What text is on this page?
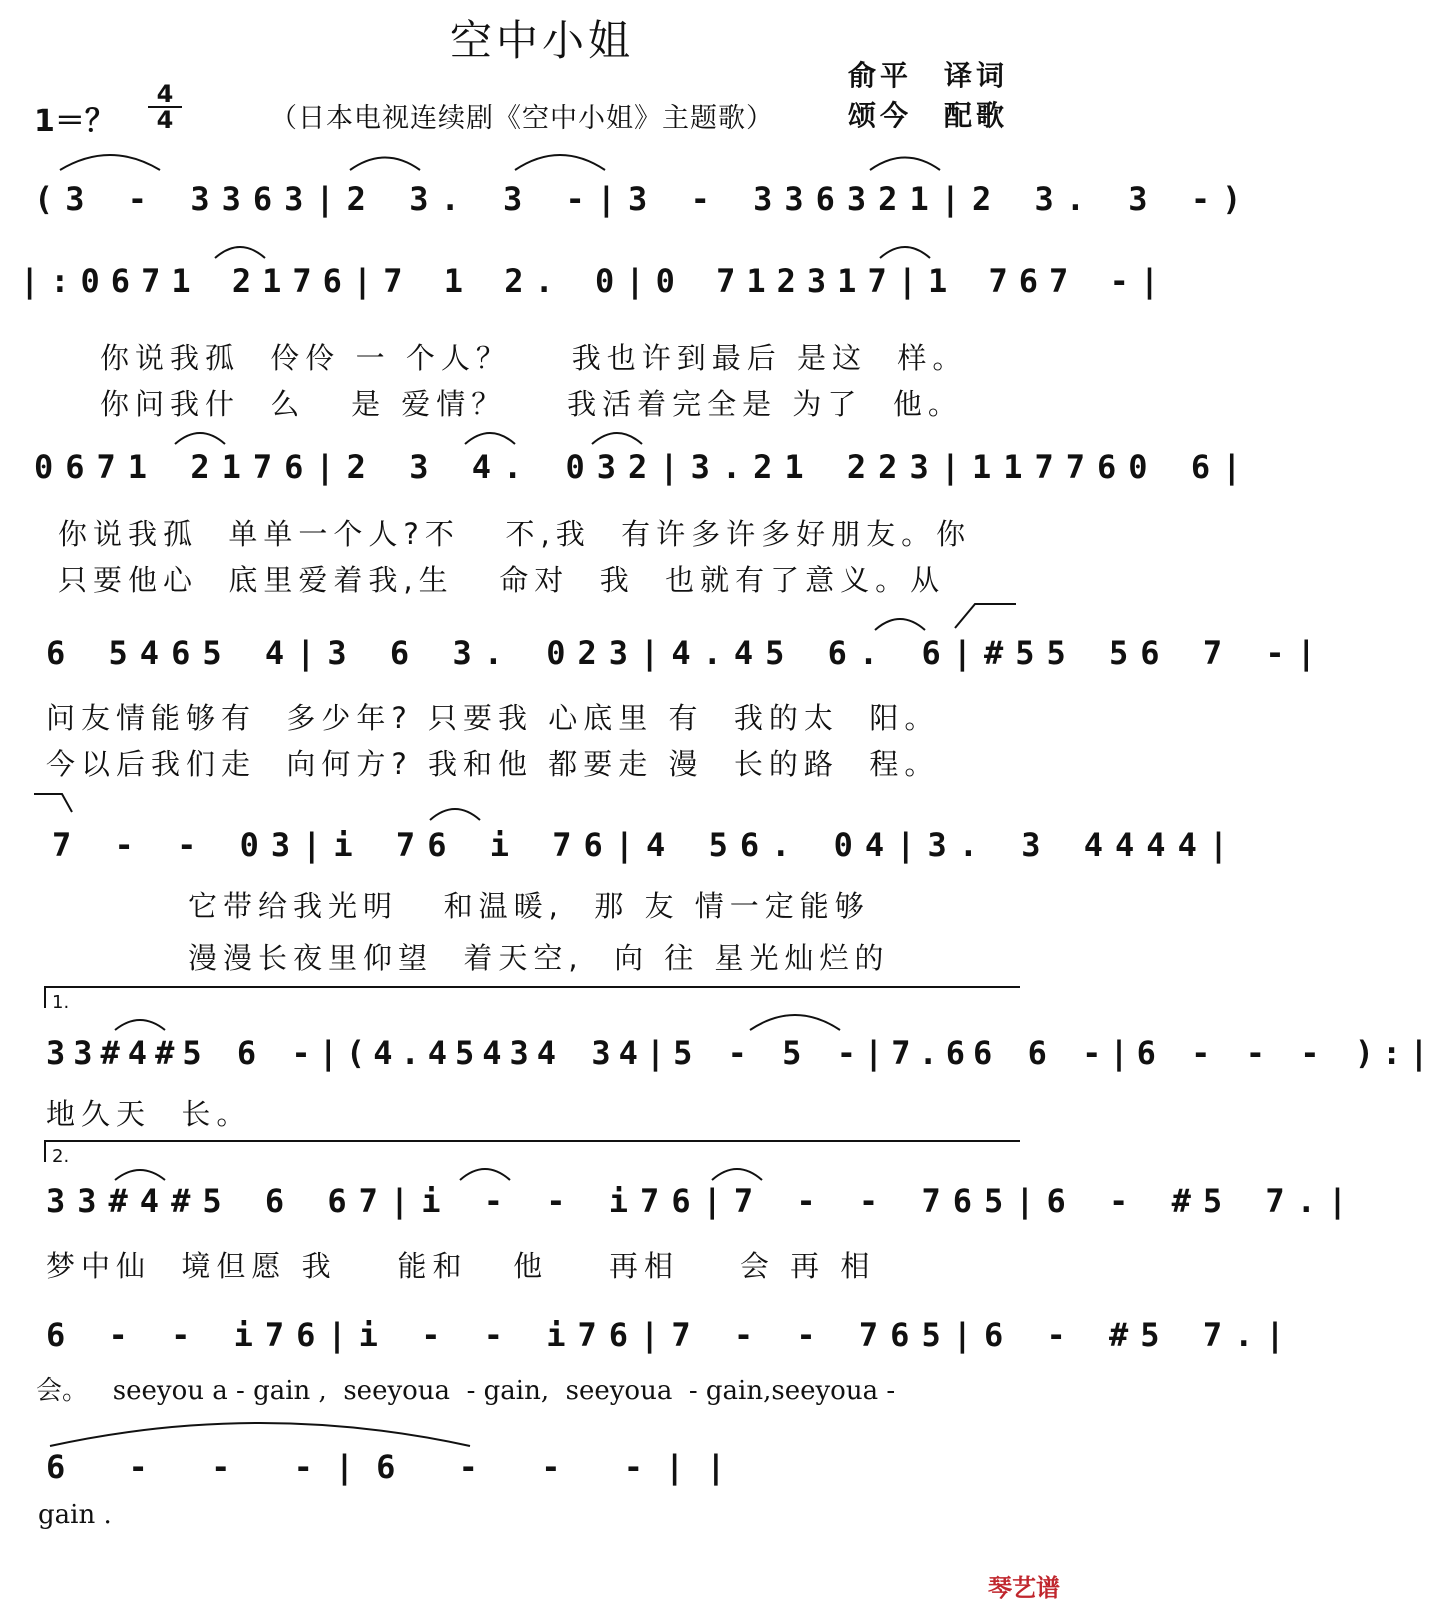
空中小姐
俞平　译词
颂今　配歌
1＝？
4
4	（日本电视连续剧《空中小姐》主题歌）
(3 - 3363|2 3. 3 -|3 - 336321|2 3. 3 -)
|:0671 2176|7 1 2. 0|0 712317|1 767 -|
你说我孤  伶伶 一 个人？    我也许到最后 是这  样。
你问我什  么   是 爱情？    我活着完全是 为了  他。
0671 2176|2 3 4. 032|3.21 223|117760 6|
你说我孤  单单一个人?不   不,我  有许多许多好朋友。你
只要他心  底里爱着我,生   命对  我  也就有了意义。从
6 5465 4|3 6 3. 023|4.45 6. 6|#55 56 7 -|
问友情能够有  多少年? 只要我 心底里 有  我的太  阳。
今以后我们走  向何方? 我和他 都要走 漫  长的路  程。
7 - - 03|i 76 i 76|4 56. 04|3. 3 4444|
它带给我光明   和温暖,  那 友 情一定能够
漫漫长夜里仰望  着天空,  向 往 星光灿烂的
1.
33#4#5 6 -|(4.45434 34|5 - 5 -|7.66 6 -|6 - - - ):|
地久天  长。
2.
33#4#5 6 67|i - - i76|7 - - 765|6 - #5 7.|
梦中仙  境但愿 我    能和   他    再相    会 再 相
6 - - i76|i - - i76|7 - - 765|6 - #5 7.|
会。   seeyou a - gain ,  seeyoua  - gain,  seeyoua  - gain,seeyoua -
6 - - -|6 - - -||
gain .
琴艺谱
